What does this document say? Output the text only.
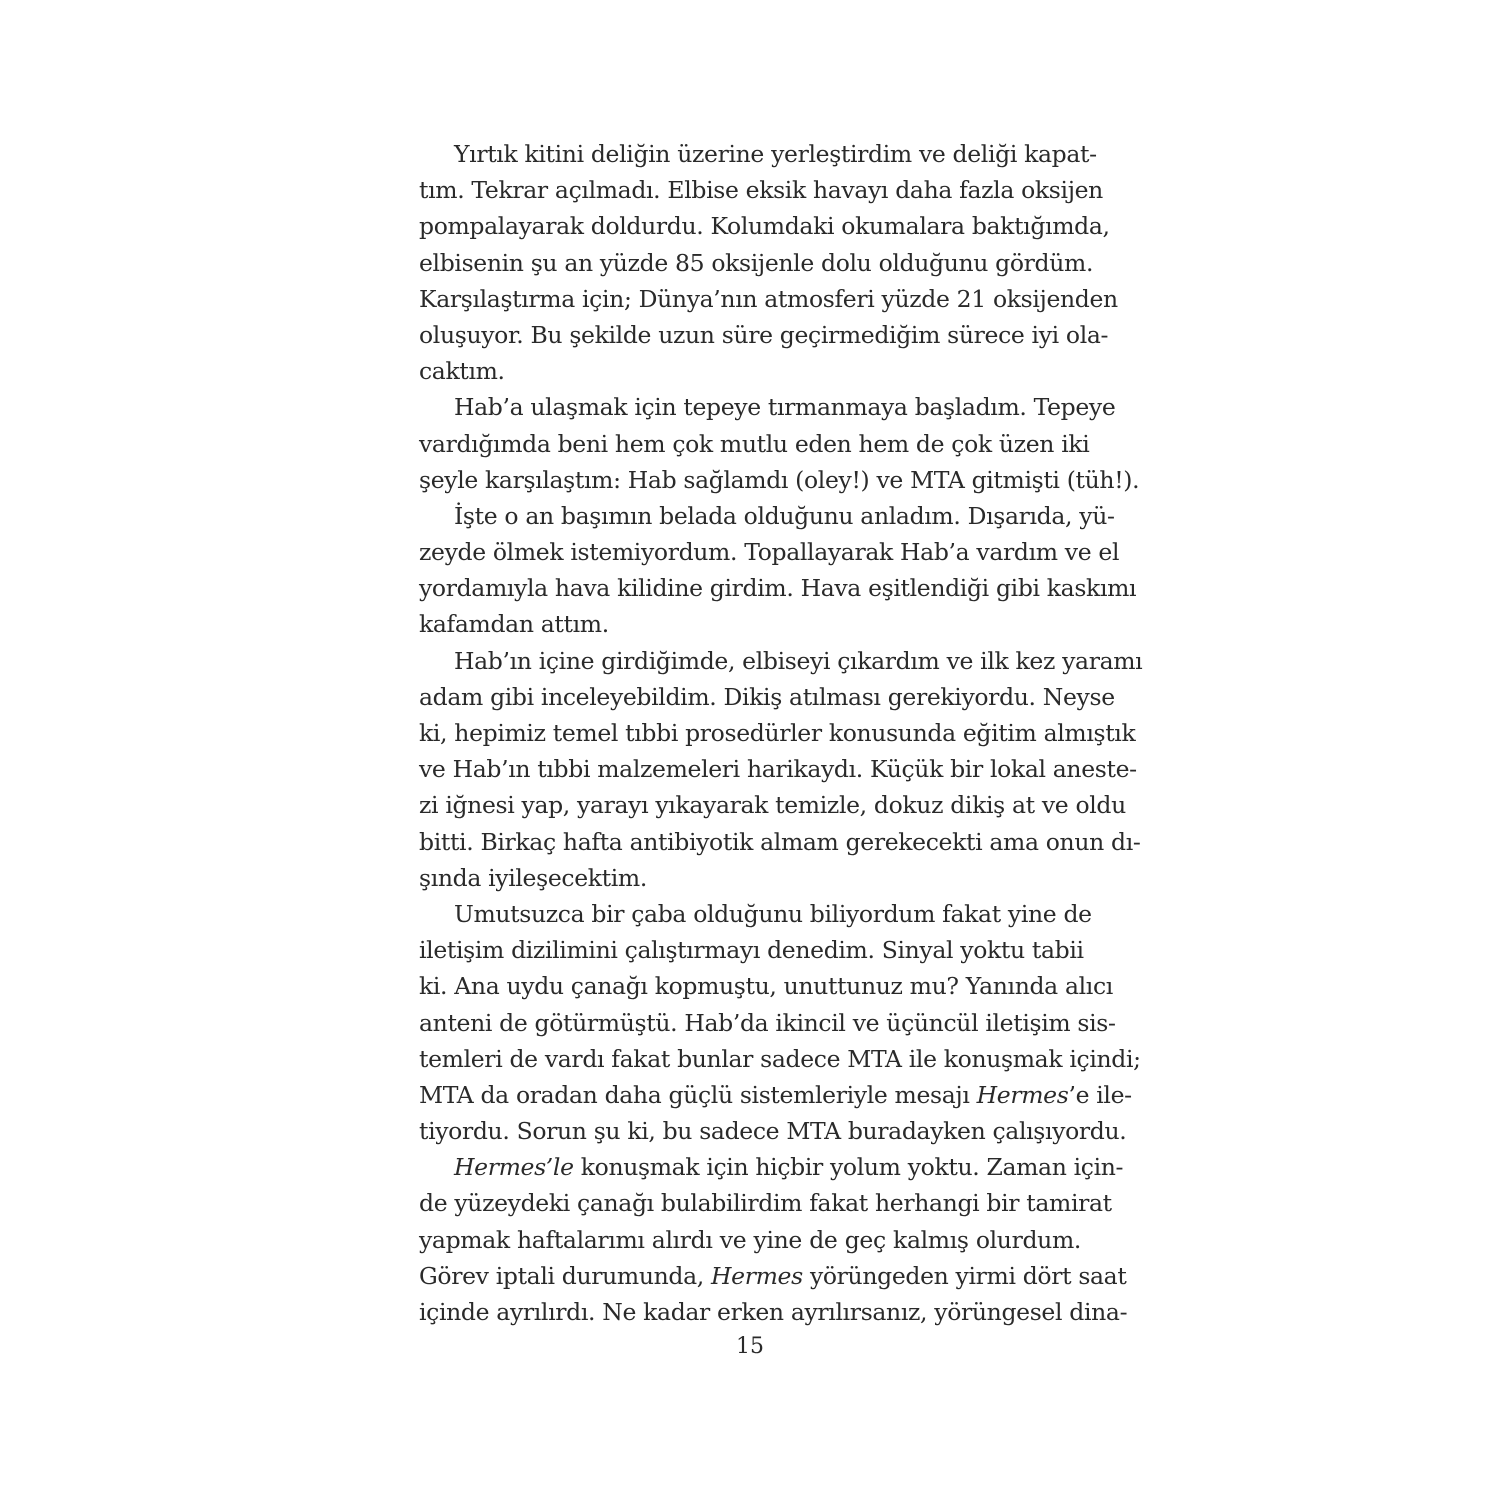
Yırtık kitini deliğin üzerine yerleştirdim ve deliği kapat-
tım. Tekrar açılmadı. Elbise eksik havayı daha fazla oksijen
pompalayarak doldurdu. Kolumdaki okumalara baktığımda,
elbisenin şu an yüzde 85 oksijenle dolu olduğunu gördüm.
Karşılaştırma için; Dünya’nın atmosferi yüzde 21 oksijenden
oluşuyor. Bu şekilde uzun süre geçirmediğim sürece iyi ola-
caktım.
Hab’a ulaşmak için tepeye tırmanmaya başladım. Tepeye
vardığımda beni hem çok mutlu eden hem de çok üzen iki
şeyle karşılaştım: Hab sağlamdı (oley!) ve MTA gitmişti (tüh!).
İşte o an başımın belada olduğunu anladım. Dışarıda, yü-
zeyde ölmek istemiyordum. Topallayarak Hab’a vardım ve el
yordamıyla hava kilidine girdim. Hava eşitlendiği gibi kaskımı
kafamdan attım.
Hab’ın içine girdiğimde, elbiseyi çıkardım ve ilk kez yaramı
adam gibi inceleyebildim. Dikiş atılması gerekiyordu. Neyse
ki, hepimiz temel tıbbi prosedürler konusunda eğitim almıştık
ve Hab’ın tıbbi malzemeleri harikaydı. Küçük bir lokal aneste-
zi iğnesi yap, yarayı yıkayarak temizle, dokuz dikiş at ve oldu
bitti. Birkaç hafta antibiyotik almam gerekecekti ama onun dı-
şında iyileşecektim.
Umutsuzca bir çaba olduğunu biliyordum fakat yine de
iletişim dizilimini çalıştırmayı denedim. Sinyal yoktu tabii
ki. Ana uydu çanağı kopmuştu, unuttunuz mu? Yanında alıcı
anteni de götürmüştü. Hab’da ikincil ve üçüncül iletişim sis-
temleri de vardı fakat bunlar sadece MTA ile konuşmak içindi;
MTA da oradan daha güçlü sistemleriyle mesajı Hermes’e ile-
tiyordu. Sorun şu ki, bu sadece MTA buradayken çalışıyordu.
Hermes’le konuşmak için hiçbir yolum yoktu. Zaman için-
de yüzeydeki çanağı bulabilirdim fakat herhangi bir tamirat
yapmak haftalarımı alırdı ve yine de geç kalmış olurdum.
Görev iptali durumunda, Hermes yörüngeden yirmi dört saat
içinde ayrılırdı. Ne kadar erken ayrılırsanız, yörüngesel dina-
15
